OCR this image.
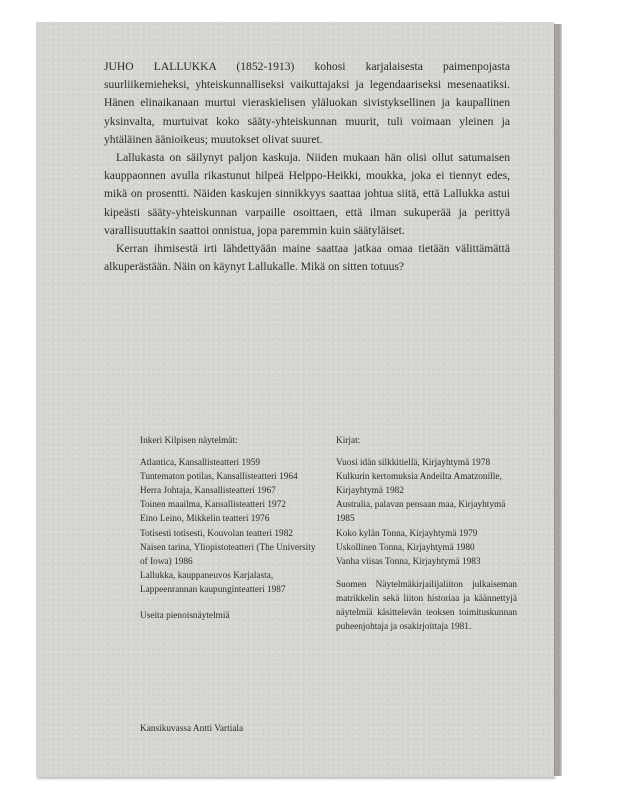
JUHO LALLUKKA (1852-1913) kohosi karjalaisesta paimenpojasta suurliikemieheksi, yhteiskunnalliseksi vaikuttajaksi ja legendaariseksi mesenaatiksi. Hänen elinaikanaan murtui vieraskielisen yläluokan sivistyksellinen ja kaupallinen yksinvalta, murtuivat koko sääty-yhteiskunnan muurit, tuli voimaan yleinen ja yhtäläinen äänioikeus; muutokset olivat suuret.

Lallukasta on säilynyt paljon kaskuja. Niiden mukaan hän olisi ollut satumaisen kauppaonnen avulla rikastunut hilpeä Helppo-Heikki, moukka, joka ei tiennyt edes, mikä on prosentti. Näiden kaskujen sinnikkyys saattaa johtua siitä, että Lallukka astui kipeästi sääty-yhteiskunnan varpaille osoittaen, että ilman sukuperää ja perittyä varallisuuttakin saattoi onnistua, jopa paremmin kuin säätyläiset.

Kerran ihmisestä irti lähdettyään maine saattaa jatkaa omaa tietään välittämättä alkuperästään. Näin on käynyt Lallukalle. Mikä on sitten totuus?

Inkeri Kilpisen näytelmät:
Atlantica, Kansallisteatteri 1959
Tuntematon potilas, Kansallisteatteri 1964
Herra Johtaja, Kansallisteatteri 1967
Toinen maailma, Kansallisteatteri 1972
Eino Leino, Mikkelin teatteri 1976
Totisesti totisesti, Kouvolan teatteri 1982
Naisen tarina, Yliopistoteatteri (The University of Iowa) 1986
Lallukka, kauppaneuvos Karjalasta, Lappeenrannan kaupunginteatteri 1987
Useita pienoisnäytelmiä
Kirjat:
Vuosi idän silkkitiellä, Kirjayhtymä 1978
Kulkurin kertomuksia Andeilta Amatzonille, Kirjayhtymä 1982
Australia, palavan pensaan maa, Kirjayhtymä 1985
Koko kylän Tonna, Kirjayhtymä 1979
Uskollinen Tonna, Kirjayhtymä 1980
Vanha viisas Tonna, Kirjayhtymä 1983

Suomen Näytelmäkirjailijaliiton julkaiseman matrikkelin sekä liiton historiaa ja käännettyjä näytelmiä käsittelevän teoksen toimituskunnan puheenjohtaja ja osakirjoittaja 1981.

Kansikuvassa Antti Vartiala
